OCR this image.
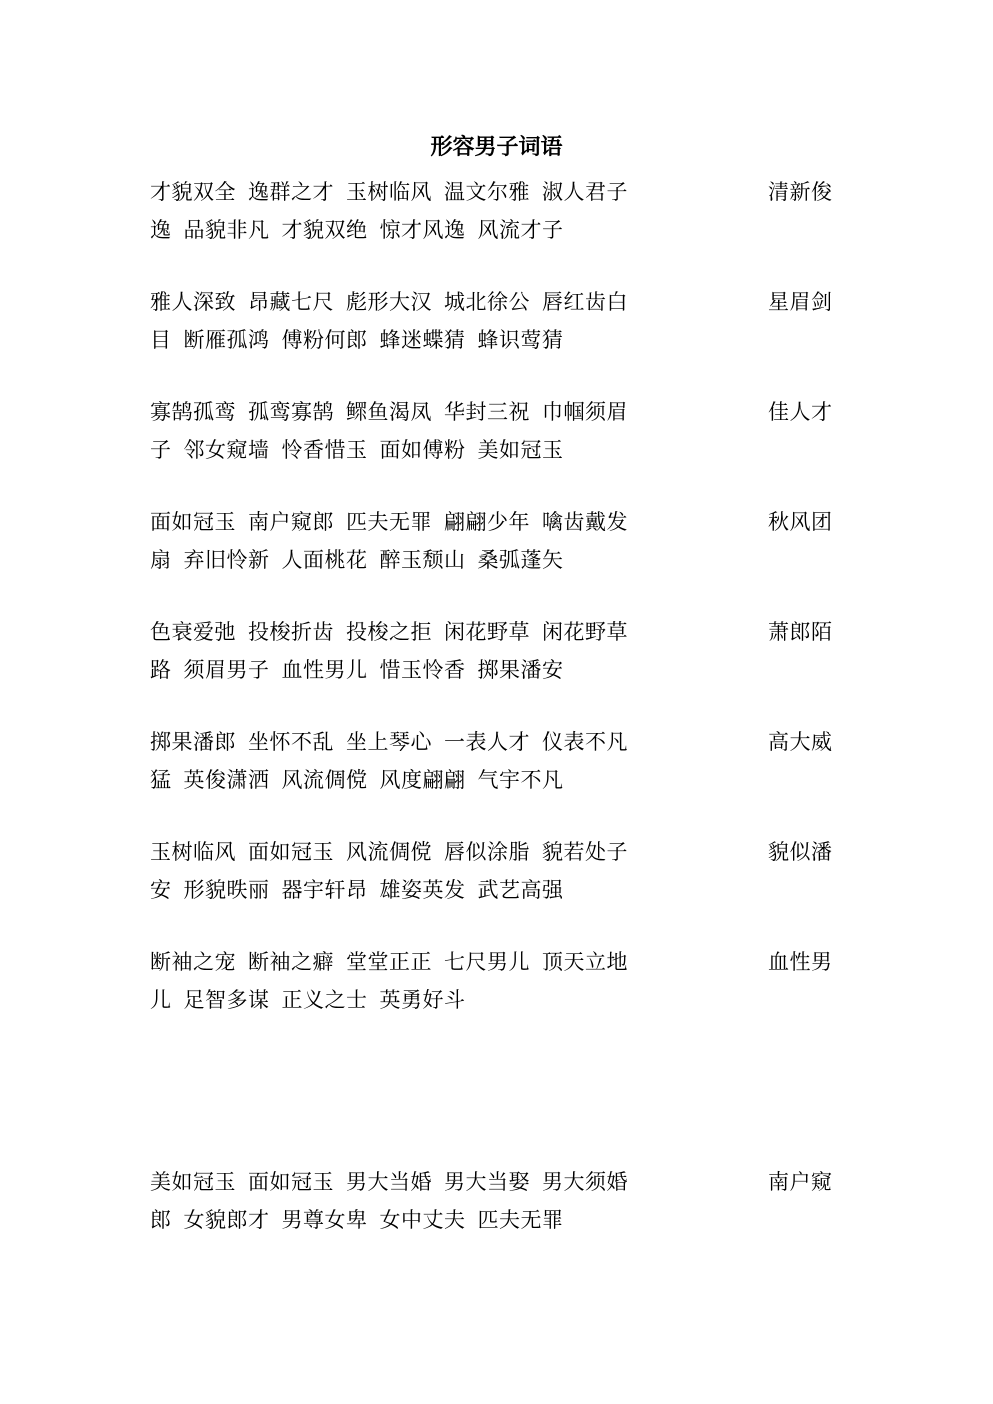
形容男子词语
才貌双全 逸群之才 玉树临风 温文尔雅 淑人君子	清新俊
逸 品貌非凡 才貌双绝 惊才风逸 风流才子
雅人深致 昂藏七尺 彪形大汉 城北徐公 唇红齿白	星眉剑
目 断雁孤鸿 傅粉何郎 蜂迷蝶猜 蜂识莺猜
寡鹄孤鸾 孤鸾寡鹄 鳏鱼渴凤 华封三祝 巾帼须眉	佳人才
子 邻女窥墙 怜香惜玉 面如傅粉 美如冠玉
面如冠玉 南户窥郎 匹夫无罪 翩翩少年 噙齿戴发	秋风团
扇 弃旧怜新 人面桃花 醉玉颓山 桑弧蓬矢
色衰爱弛 投梭折齿 投梭之拒 闲花野草 闲花野草	萧郎陌
路 须眉男子 血性男儿 惜玉怜香 掷果潘安
掷果潘郎 坐怀不乱 坐上琴心 一表人才 仪表不凡	高大威
猛 英俊潇洒 风流倜傥 风度翩翩 气宇不凡
玉树临风 面如冠玉 风流倜傥 唇似涂脂 貌若处子	貌似潘
安 形貌昳丽 器宇轩昂 雄姿英发 武艺高强
断袖之宠 断袖之癖 堂堂正正 七尺男儿 顶天立地	血性男
儿 足智多谋 正义之士 英勇好斗
美如冠玉 面如冠玉 男大当婚 男大当娶 男大须婚	南户窥
郎 女貌郎才 男尊女卑 女中丈夫 匹夫无罪
